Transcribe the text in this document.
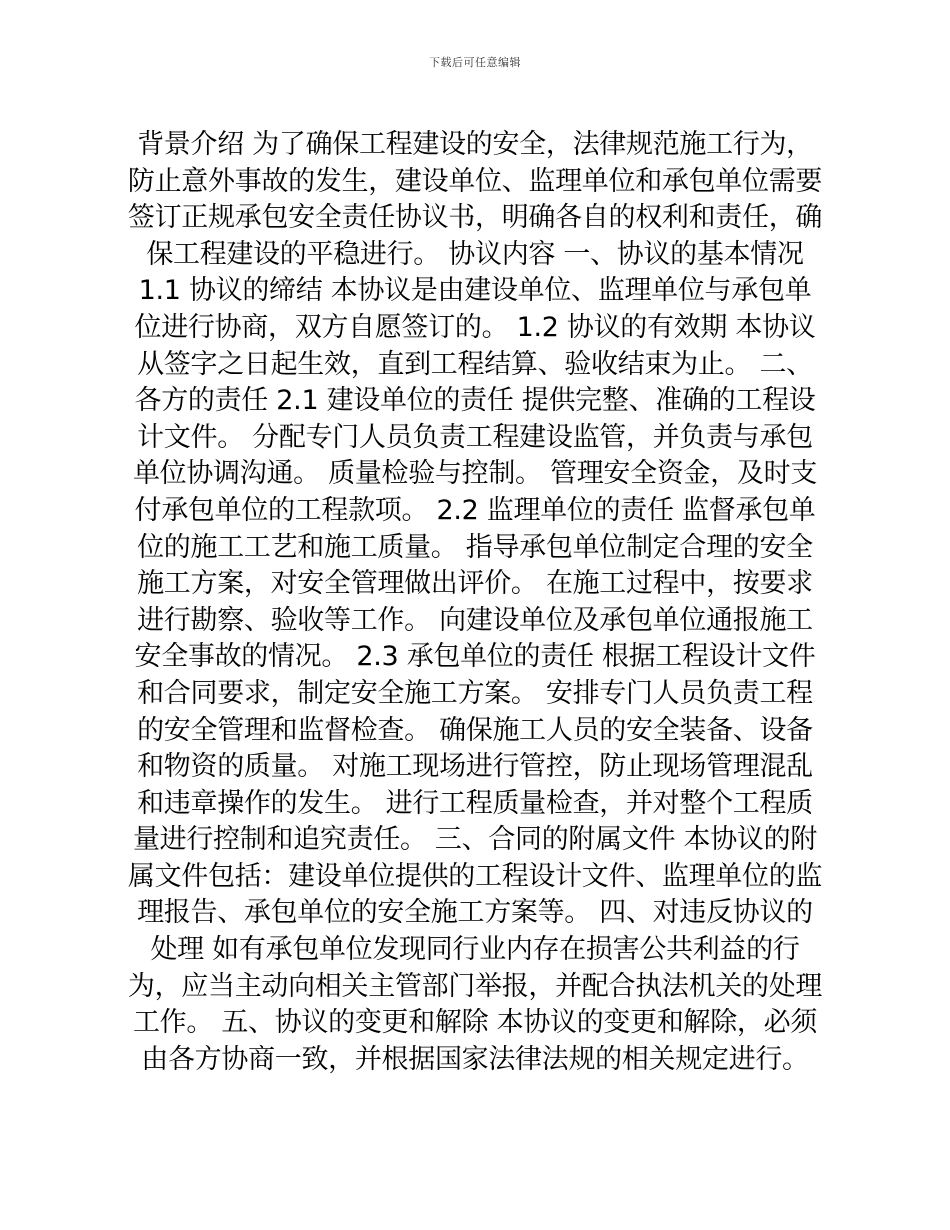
下载后可任意编辑
背景介绍 为了确保工程建设的安全，法律规范施工行为，
防止意外事故的发生，建设单位、监理单位和承包单位需要
签订正规承包安全责任协议书，明确各自的权利和责任，确
保工程建设的平稳进行。 协议内容 一、协议的基本情况
1.1 协议的缔结 本协议是由建设单位、监理单位与承包单
位进行协商，双方自愿签订的。 1.2 协议的有效期 本协议
从签字之日起生效，直到工程结算、验收结束为止。 二、
各方的责任 2.1 建设单位的责任 提供完整、准确的工程设
计文件。 分配专门人员负责工程建设监管，并负责与承包
单位协调沟通。 质量检验与控制。 管理安全资金，及时支
付承包单位的工程款项。 2.2 监理单位的责任 监督承包单
位的施工工艺和施工质量。 指导承包单位制定合理的安全
施工方案，对安全管理做出评价。 在施工过程中，按要求
进行勘察、验收等工作。 向建设单位及承包单位通报施工
安全事故的情况。 2.3 承包单位的责任 根据工程设计文件
和合同要求，制定安全施工方案。 安排专门人员负责工程
的安全管理和监督检查。 确保施工人员的安全装备、设备
和物资的质量。 对施工现场进行管控，防止现场管理混乱
和违章操作的发生。 进行工程质量检查，并对整个工程质
量进行控制和追究责任。 三、合同的附属文件 本协议的附
属文件包括：建设单位提供的工程设计文件、监理单位的监
理报告、承包单位的安全施工方案等。 四、对违反协议的
处理 如有承包单位发现同行业内存在损害公共利益的行
为，应当主动向相关主管部门举报，并配合执法机关的处理
工作。 五、协议的变更和解除 本协议的变更和解除，必须
由各方协商一致，并根据国家法律法规的相关规定进行。
